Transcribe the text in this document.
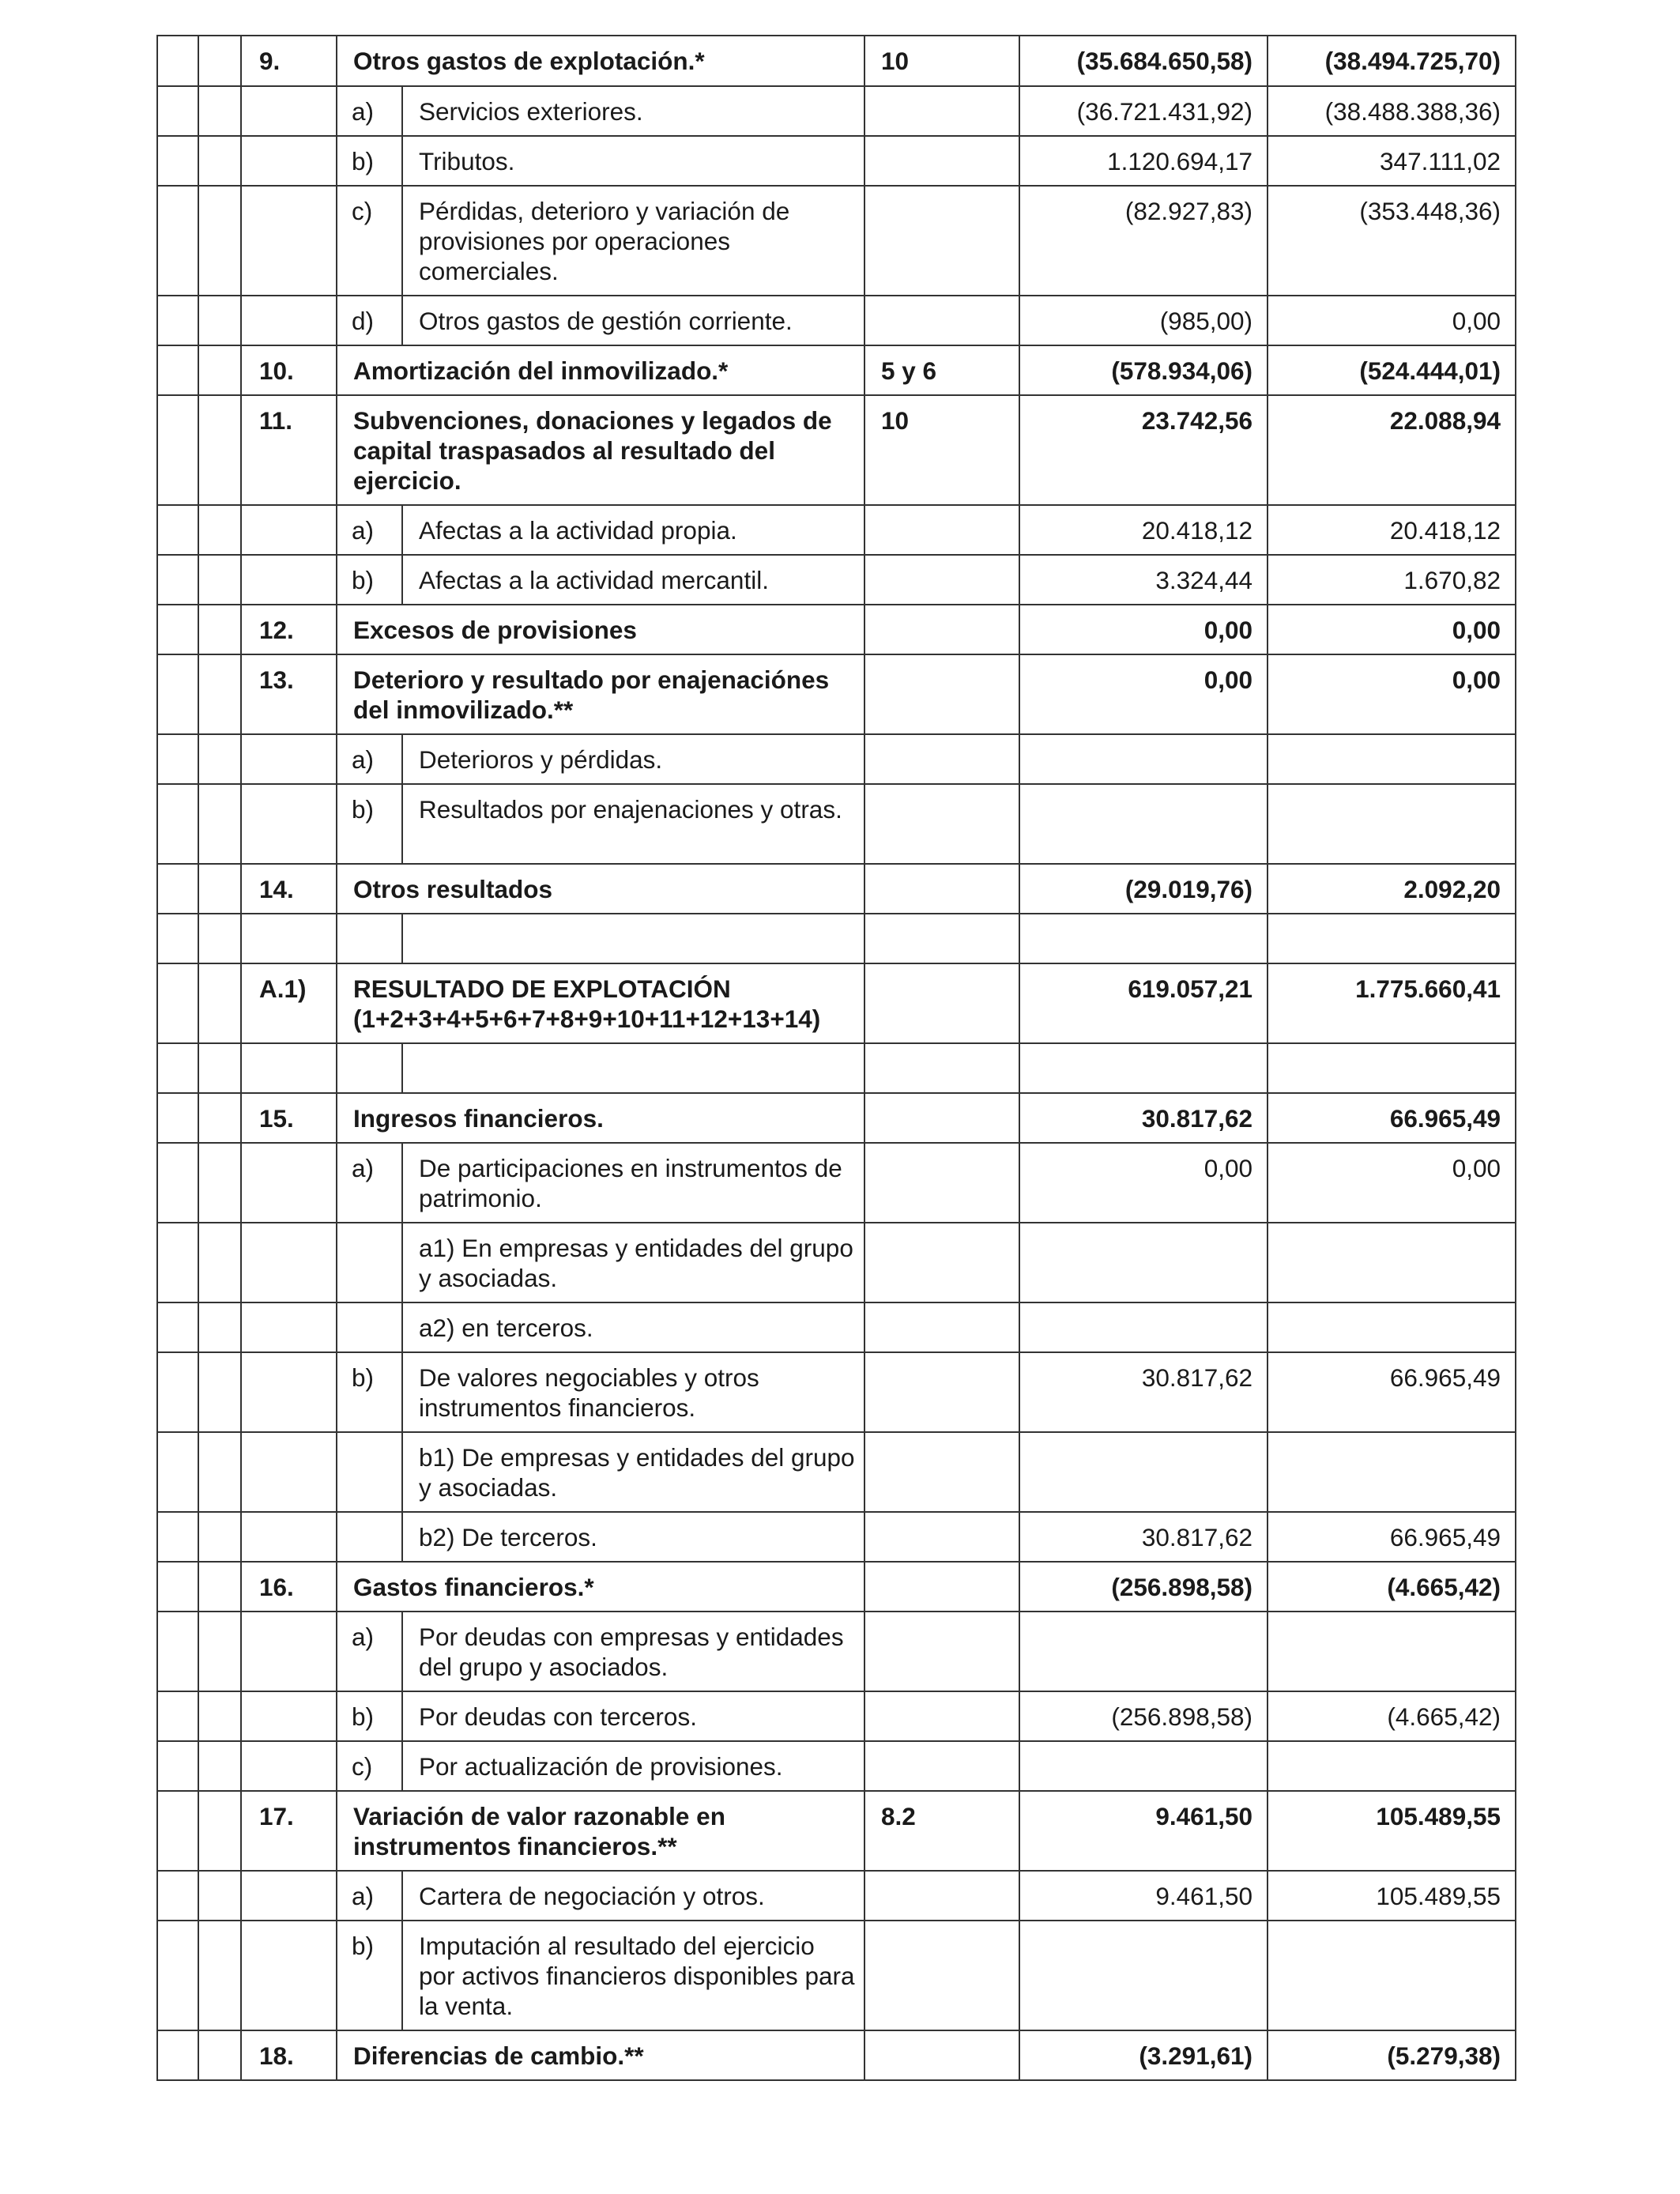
		9.	Otros gastos de explotación.*		10	(35.684.650,58)	(38.494.725,70)
			a)	Servicios exteriores.		(36.721.431,92)	(38.488.388,36)
			b)	Tributos.		1.120.694,17	347.111,02
			c)	Pérdidas, deterioro y variación de provisiones por operaciones comerciales.		(82.927,83)	(353.448,36)
			d)	Otros gastos de gestión corriente.		(985,00)	0,00
		10.	Amortización del inmovilizado.*		5 y 6	(578.934,06)	(524.444,01)
		11.	Subvenciones, donaciones y legados de capital traspasados al resultado del ejercicio.		10	23.742,56	22.088,94
			a)	Afectas a la actividad propia.		20.418,12	20.418,12
			b)	Afectas a la actividad mercantil.		3.324,44	1.670,82
		12.	Excesos de provisiones			0,00	0,00
		13.	Deterioro y resultado por enajenaciónes del inmovilizado.**			0,00	0,00
			a)	Deterioros y pérdidas.			
			b)	Resultados por enajenaciones y otras.			
		14.	Otros resultados			(29.019,76)	2.092,20

		A.1)	RESULTADO DE EXPLOTACIÓN (1+2+3+4+5+6+7+8+9+10+11+12+13+14)			619.057,21	1.775.660,41

		15.	Ingresos financieros.			30.817,62	66.965,49
			a)	De participaciones en instrumentos de patrimonio.		0,00	0,00
				a1) En empresas y entidades del grupo y asociadas.			
				a2) en terceros.			
			b)	De valores negociables y otros instrumentos financieros.		30.817,62	66.965,49
				b1) De empresas y entidades del grupo y asociadas.			
				b2) De terceros.		30.817,62	66.965,49
		16.	Gastos financieros.*			(256.898,58)	(4.665,42)
			a)	Por deudas con empresas y entidades del grupo y asociados.			
			b)	Por deudas con terceros.		(256.898,58)	(4.665,42)
			c)	Por actualización de provisiones.			
		17.	Variación de valor razonable en instrumentos financieros.**		8.2	9.461,50	105.489,55
			a)	Cartera de negociación y otros.		9.461,50	105.489,55
			b)	Imputación al resultado del ejercicio por activos financieros disponibles para la venta.			
		18.	Diferencias de cambio.**			(3.291,61)	(5.279,38)
